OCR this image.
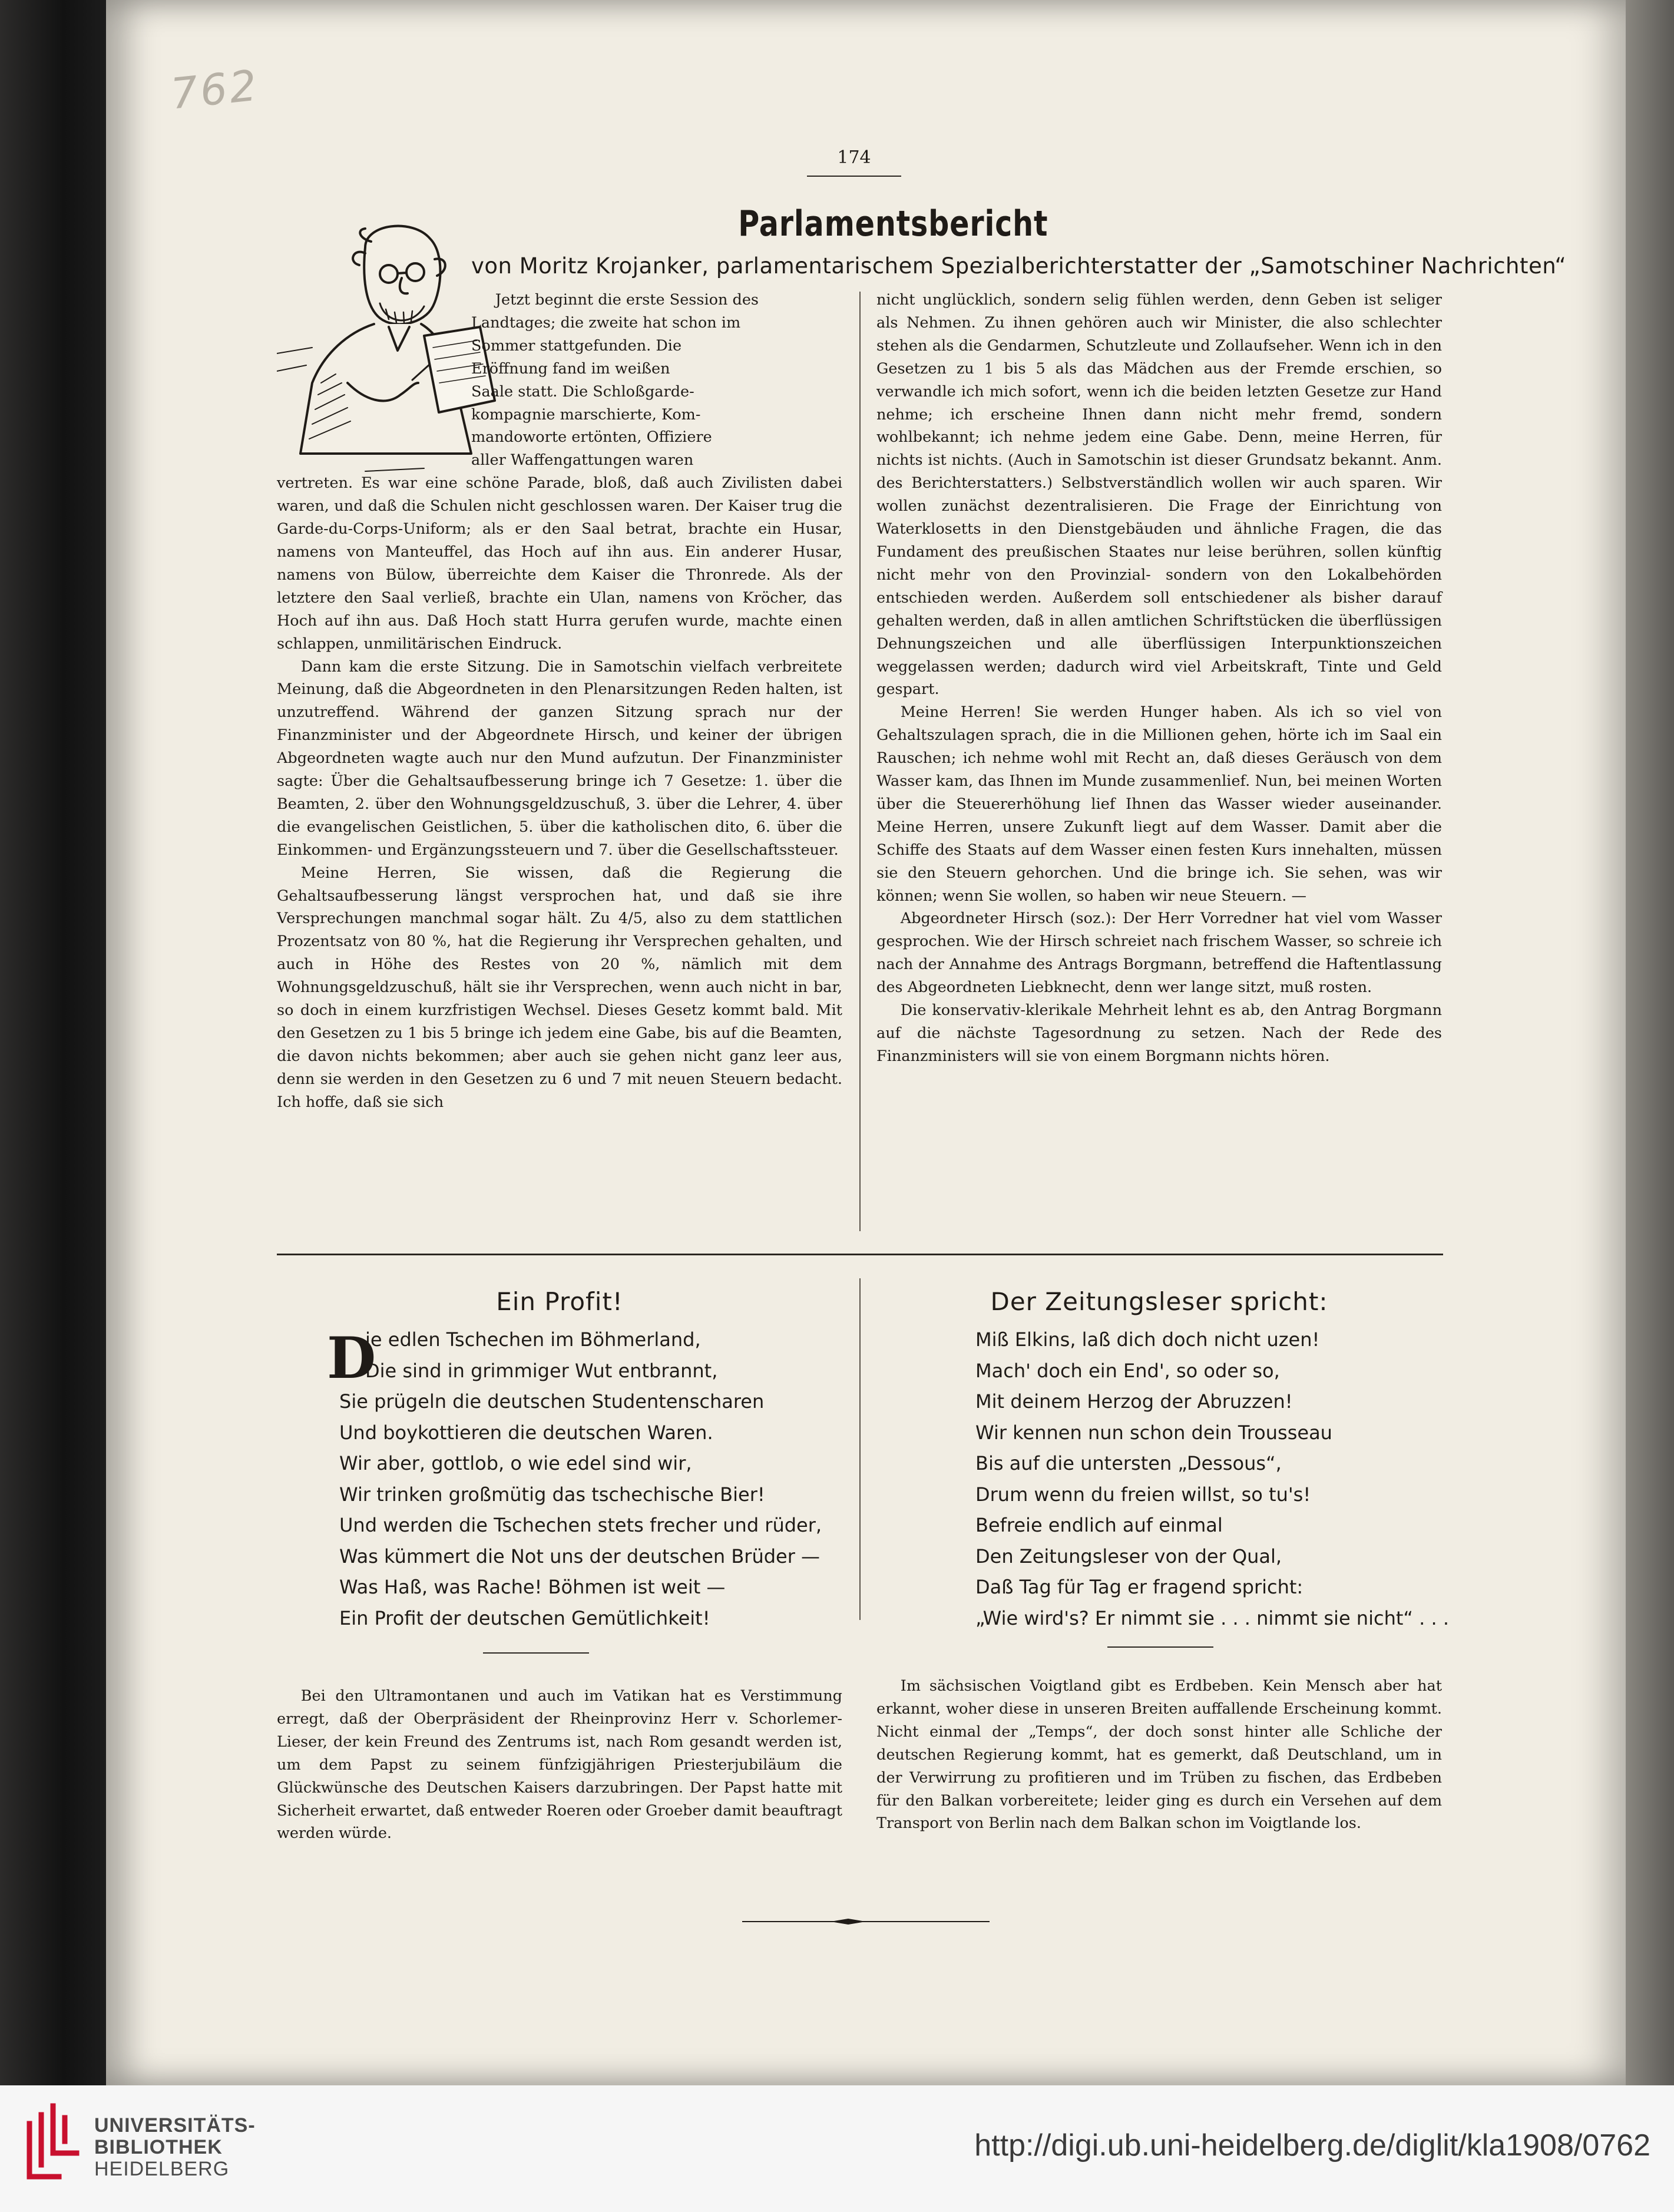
762
174
Parlamentsbericht
von Moritz Krojanker, parlamentarischem Spezialberichterstatter der „Samotschiner Nachrichten“

Jetzt beginnt die erste Session des

Landtages; die zweite hat schon im

Sommer stattgefunden. Die

Eröffnung fand im weißen

Saale statt. Die Schloßgarde-

kompagnie marschierte, Kom-

mandoworte ertönten, Offiziere

aller Waffengattungen waren

vertreten. Es war eine schöne Parade, bloß, daß auch Zivilisten dabei waren, und daß die Schulen nicht geschlossen waren. Der Kaiser trug die Garde-du-Corps-Uniform; als er den Saal betrat, brachte ein Husar, namens von Manteuffel, das Hoch auf ihn aus. Ein anderer Husar, namens von Bülow, überreichte dem Kaiser die Thronrede. Als der letztere den Saal verließ, brachte ein Ulan, namens von Kröcher, das Hoch auf ihn aus. Daß Hoch statt Hurra gerufen wurde, machte einen schlappen, unmilitärischen Eindruck.

Dann kam die erste Sitzung. Die in Samotschin vielfach verbreitete Meinung, daß die Abgeordneten in den Plenarsitzungen Reden halten, ist unzutreffend. Während der ganzen Sitzung sprach nur der Finanzminister und der Abgeordnete Hirsch, und keiner der übrigen Abgeordneten wagte auch nur den Mund aufzutun. Der Finanzminister sagte: Über die Gehaltsaufbesserung bringe ich 7 Gesetze: 1. über die Beamten, 2. über den Wohnungsgeldzuschuß, 3. über die Lehrer, 4. über die evangelischen Geistlichen, 5. über die katholischen dito, 6. über die Einkommen- und Ergänzungssteuern und 7. über die Gesellschaftssteuer.

Meine Herren, Sie wissen, daß die Regierung die Gehaltsaufbesserung längst versprochen hat, und daß sie ihre Versprechungen manchmal sogar hält. Zu 4/5, also zu dem stattlichen Prozentsatz von 80 %, hat die Regierung ihr Versprechen gehalten, und auch in Höhe des Restes von 20 %, nämlich mit dem Wohnungsgeldzuschuß, hält sie ihr Versprechen, wenn auch nicht in bar, so doch in einem kurzfristigen Wechsel. Dieses Gesetz kommt bald. Mit den Gesetzen zu 1 bis 5 bringe ich jedem eine Gabe, bis auf die Beamten, die davon nichts bekommen; aber auch sie gehen nicht ganz leer aus, denn sie werden in den Gesetzen zu 6 und 7 mit neuen Steuern bedacht. Ich hoffe, daß sie sich

nicht unglücklich, sondern selig fühlen werden, denn Geben ist seliger als Nehmen. Zu ihnen gehören auch wir Minister, die also schlechter stehen als die Gendarmen, Schutzleute und Zollaufseher. Wenn ich in den Gesetzen zu 1 bis 5 als das Mädchen aus der Fremde erschien, so verwandle ich mich sofort, wenn ich die beiden letzten Gesetze zur Hand nehme; ich erscheine Ihnen dann nicht mehr fremd, sondern wohlbekannt; ich nehme jedem eine Gabe. Denn, meine Herren, für nichts ist nichts. (Auch in Samotschin ist dieser Grundsatz bekannt. Anm. des Berichterstatters.) Selbstverständlich wollen wir auch sparen. Wir wollen zunächst dezentralisieren. Die Frage der Einrichtung von Waterklosetts in den Dienstgebäuden und ähnliche Fragen, die das Fundament des preußischen Staates nur leise berühren, sollen künftig nicht mehr von den Provinzial- sondern von den Lokalbehörden entschieden werden. Außerdem soll entschiedener als bisher darauf gehalten werden, daß in allen amtlichen Schriftstücken die überflüssigen Dehnungszeichen und alle überflüssigen Interpunktionszeichen weggelassen werden; dadurch wird viel Arbeitskraft, Tinte und Geld gespart.

Meine Herren! Sie werden Hunger haben. Als ich so viel von Gehaltszulagen sprach, die in die Millionen gehen, hörte ich im Saal ein Rauschen; ich nehme wohl mit Recht an, daß dieses Geräusch von dem Wasser kam, das Ihnen im Munde zusammenlief. Nun, bei meinen Worten über die Steuererhöhung lief Ihnen das Wasser wieder auseinander. Meine Herren, unsere Zukunft liegt auf dem Wasser. Damit aber die Schiffe des Staats auf dem Wasser einen festen Kurs innehalten, müssen sie den Steuern gehorchen. Und die bringe ich. Sie sehen, was wir können; wenn Sie wollen, so haben wir neue Steuern. —

Abgeordneter Hirsch (soz.): Der Herr Vorredner hat viel vom Wasser gesprochen. Wie der Hirsch schreiet nach frischem Wasser, so schreie ich nach der Annahme des Antrags Borgmann, betreffend die Haftentlassung des Abgeordneten Liebknecht, denn wer lange sitzt, muß rosten.

Die konservativ-klerikale Mehrheit lehnt es ab, den Antrag Borgmann auf die nächste Tagesordnung zu setzen. Nach der Rede des Finanzministers will sie von einem Borgmann nichts hören.

Ein Profit!
D
ie edlen Tschechen im Böhmerland,
Die sind in grimmiger Wut entbrannt,
Sie prügeln die deutschen Studentenscharen
Und boykottieren die deutschen Waren.
Wir aber, gottlob, o wie edel sind wir,
Wir trinken großmütig das tschechische Bier!
Und werden die Tschechen stets frecher und rüder,
Was kümmert die Not uns der deutschen Brüder —
Was Haß, was Rache! Böhmen ist weit —
Ein Profit der deutschen Gemütlichkeit!
Der Zeitungsleser spricht:
Miß Elkins, laß dich doch nicht uzen!
Mach' doch ein End', so oder so,
Mit deinem Herzog der Abruzzen!
Wir kennen nun schon dein Trousseau
Bis auf die untersten „Dessous“,
Drum wenn du freien willst, so tu's!
Befreie endlich auf einmal
Den Zeitungsleser von der Qual,
Daß Tag für Tag er fragend spricht:
„Wie wird's? Er nimmt sie . . . nimmt sie nicht“ . . .

Bei den Ultramontanen und auch im Vatikan hat es Verstimmung erregt, daß der Oberpräsident der Rheinprovinz Herr v. Schorlemer-Lieser, der kein Freund des Zentrums ist, nach Rom gesandt werden ist, um dem Papst zu seinem fünfzigjährigen Priesterjubiläum die Glückwünsche des Deutschen Kaisers darzubringen. Der Papst hatte mit Sicherheit erwartet, daß entweder Roeren oder Groeber damit beauftragt werden würde.

Im sächsischen Voigtland gibt es Erdbeben. Kein Mensch aber hat erkannt, woher diese in unseren Breiten auffallende Erscheinung kommt. Nicht einmal der „Temps“, der doch sonst hinter alle Schliche der deutschen Regierung kommt, hat es gemerkt, daß Deutschland, um in der Verwirrung zu profitieren und im Trüben zu fischen, das Erdbeben für den Balkan vorbereitete; leider ging es durch ein Versehen auf dem Transport von Berlin nach dem Balkan schon im Voigtlande los.

UNIVERSITÄTS-
BIBLIOTHEK
HEIDELBERG
http://digi.ub.uni-heidelberg.de/diglit/kla1908/0762
